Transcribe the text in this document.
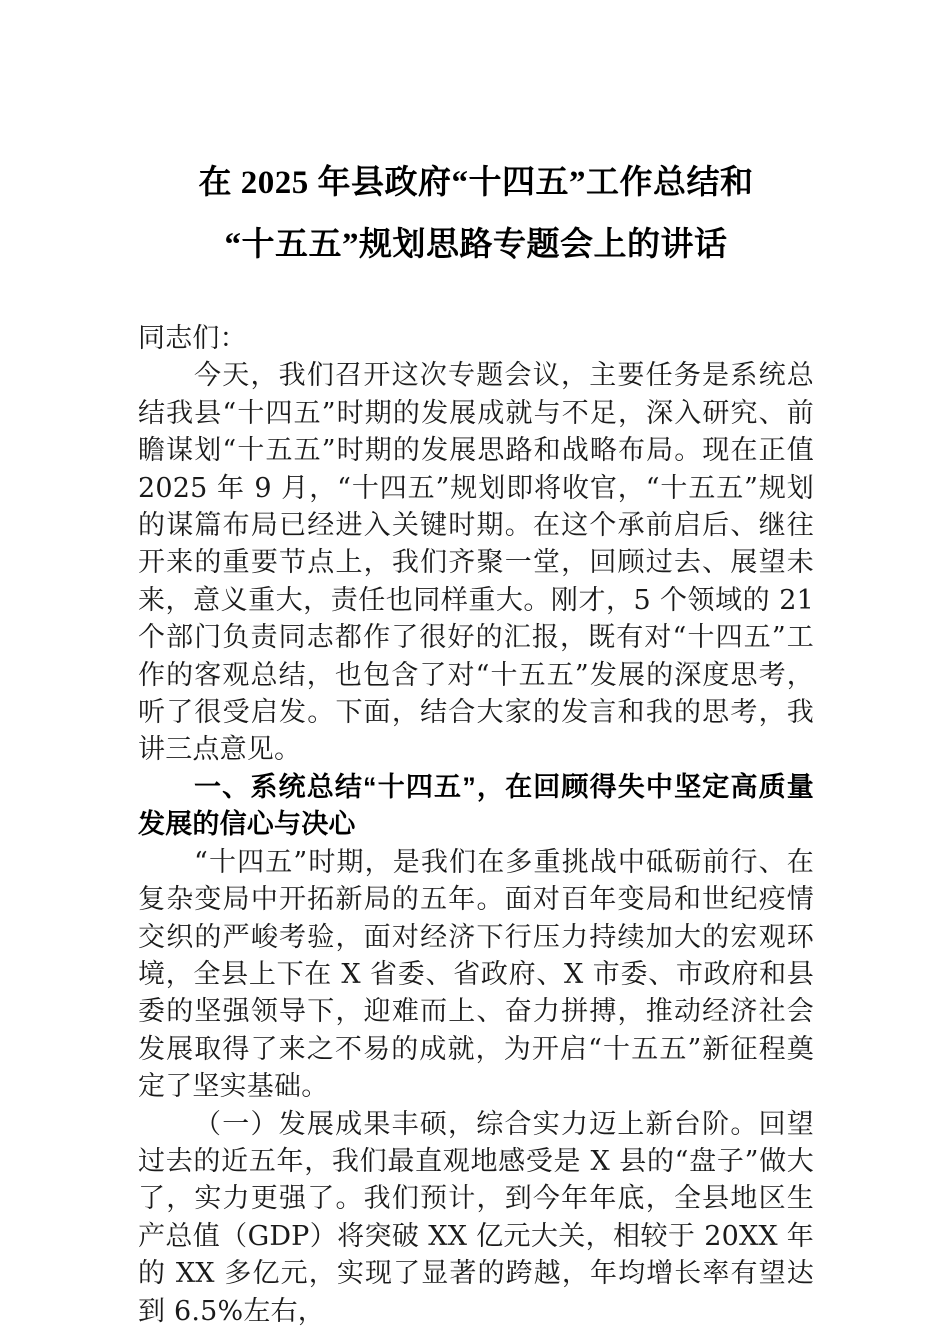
在 2025 年县政府“十四五”工作总结和
“十五五”规划思路专题会上的讲话

同志们：

今天，我们召开这次专题会议，主要任务是系统总结我县“十四五”时期的发展成就与不足，深入研究、前瞻谋划“十五五”时期的发展思路和战略布局。现在正值 2025 年 9 月，“十四五”规划即将收官，“十五五”规划的谋篇布局已经进入关键时期。在这个承前启后、继往开来的重要节点上，我们齐聚一堂，回顾过去、展望未来，意义重大，责任也同样重大。刚才，5 个领域的 21 个部门负责同志都作了很好的汇报，既有对“十四五”工作的客观总结，也包含了对“十五五”发展的深度思考，听了很受启发。下面，结合大家的发言和我的思考，我讲三点意见。

一、系统总结“十四五”，在回顾得失中坚定高质量发展的信心与决心

“十四五”时期，是我们在多重挑战中砥砺前行、在复杂变局中开拓新局的五年。面对百年变局和世纪疫情交织的严峻考验，面对经济下行压力持续加大的宏观环境，全县上下在 X 省委、省政府、X 市委、市政府和县委的坚强领导下，迎难而上、奋力拼搏，推动经济社会发展取得了来之不易的成就，为开启“十五五”新征程奠定了坚实基础。

（一）发展成果丰硕，综合实力迈上新台阶。回望过去的近五年，我们最直观地感受是 X 县的“盘子”做大了，实力更强了。我们预计，到今年年底，全县地区生产总值（GDP）将突破 XX 亿元大关，相较于 20XX 年的 XX 多亿元，实现了显著的跨越，年均增长率有望达到 6.5%左右，
